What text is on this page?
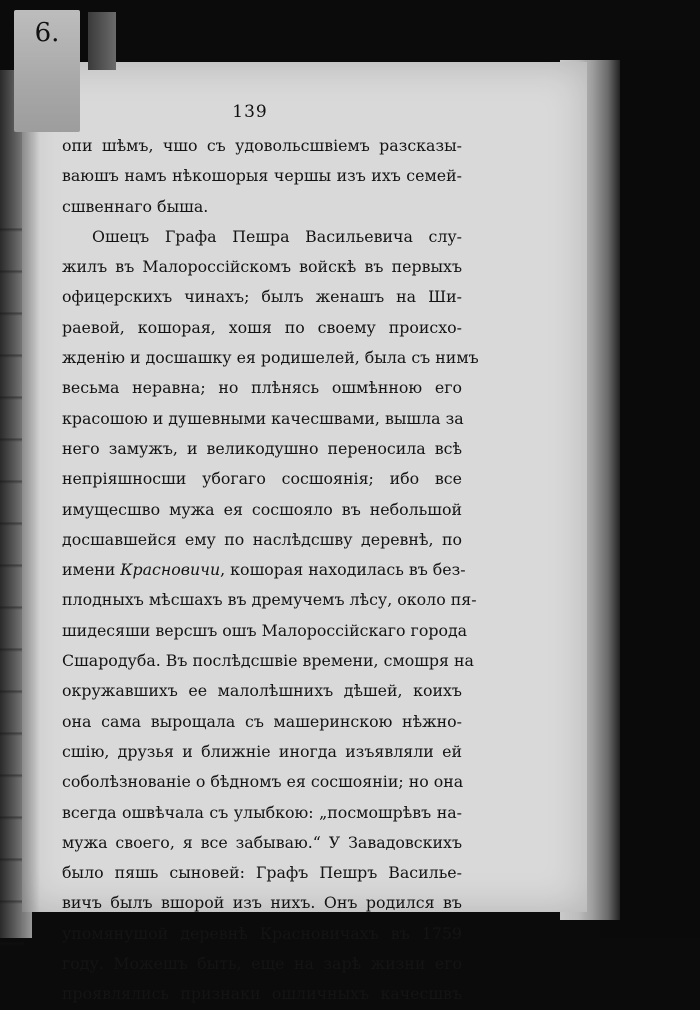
6.
139
опи шѣмъ, чшо съ удовольсшвіемъ разсказы-
ваюшъ намъ нѣкошорыя чершы изъ ихъ семей-
сшвеннаго быша.
Ошецъ Графа Пешра Васильевича слу-
жилъ въ Малороссійскомъ войскѣ въ первыхъ
офицерскихъ чинахъ; былъ женашъ на Ши-
раевой, кошорая, хошя по своему происхо-
жденію и досшашку ея родишелей, была съ нимъ
весьма неравна; но плѣнясь ошмѣнною его
красошою и душевными качесшвами, вышла за
него замужъ, и великодушно переносила всѣ
непріяшносши убогаго сосшоянія; ибо все
имущесшво мужа ея сосшояло въ небольшой
досшавшейся ему по наслѣдсшву деревнѣ, по
имени Красновичи, кошорая находилась въ без-
плодныхъ мѣсшахъ въ дремучемъ лѣсу, около пя-
шидесяши версшъ ошъ Малороссійскаго города
Сшародуба. Въ послѣдсшвіе времени, смошря на
окружавшихъ ее малолѣшнихъ дѣшей, коихъ
она сама вырощала съ машеринскою нѣжно-
сшію, друзья и ближніе иногда изъявляли ей
соболѣзнованіе о бѣдномъ ея сосшояніи; но она
всегда ошвѣчала съ улыбкою: „посмошрѣвъ на-
мужа своего, я все забываю.“ У Завадовскихъ
было пяшь сыновей: Графъ Пешръ Василье-
вичъ былъ вшорой изъ нихъ. Онъ родился въ
упомянушой деревнѣ Красновичахъ въ 1759
году. Можешъ быть, еще на зарѣ жизни его
проявлялись признаки ошличныхъ качесшвъ
